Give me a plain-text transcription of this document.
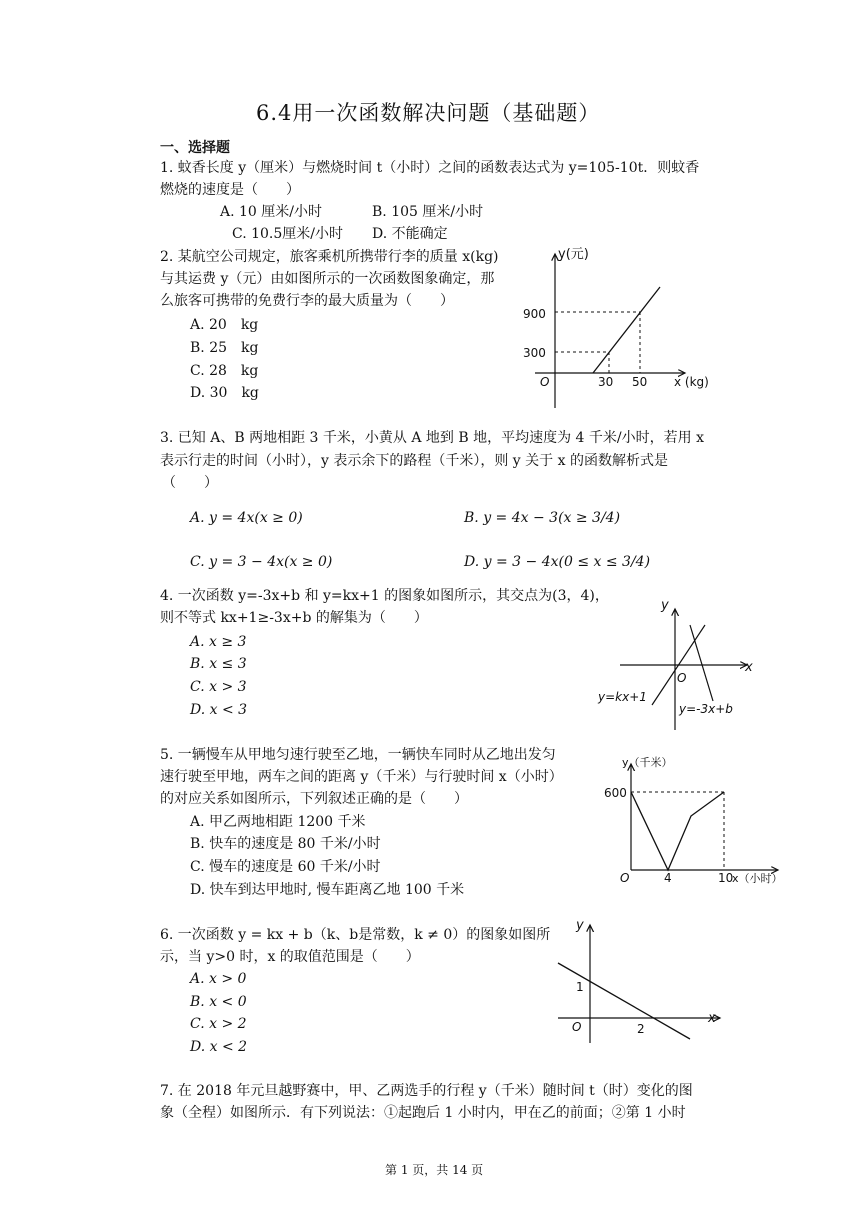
6.4用一次函数解决问题（基础题）
一、选择题
1. 蚊香长度 y（厘米）与燃烧时间 t（小时）之间的函数表达式为 y=105-10t．则蚊香
燃烧的速度是（　　）
A. 10 厘米/小时	B. 105 厘米/小时
C. 10.5厘米/小时 D. 不能确定
2. 某航空公司规定，旅客乘机所携带行李的质量 x(kg)
与其运费 y（元）由如图所示的一次函数图象确定，那
么旅客可携带的免费行李的最大质量为（　　）
A. 20　kg
B. 25　kg
C. 28　kg
D. 30　kg
y(元)
900
300
O	30 50 x (kg)
3. 已知 A、B 两地相距 3 千米，小黄从 A 地到 B 地，平均速度为 4 千米/小时，若用 x
表示行走的时间（小时），y 表示余下的路程（千米），则 y 关于 x 的函数解析式是
（　　）
A. y = 4x(x ≥ 0)	B. y = 4x − 3(x ≥ 3/4)
C. y = 3 − 4x(x ≥ 0)	D. y = 3 − 4x(0 ≤ x ≤ 3/4)
4. 一次函数 y=-3x+b 和 y=kx+1 的图象如图所示，其交点为(3，4)，
则不等式 kx+1≥-3x+b 的解集为（　　）
A. x ≥ 3
B. x ≤ 3
C. x > 3
D. x < 3
y
x
O
y=kx+1
y=-3x+b
5. 一辆慢车从甲地匀速行驶至乙地，一辆快车同时从乙地出发匀
速行驶至甲地，两车之间的距离 y（千米）与行驶时间 x（小时）
的对应关系如图所示，下列叙述正确的是（　　）
A. 甲乙两地相距 1200 千米
B. 快车的速度是 80 千米/小时
C. 慢车的速度是 60 千米/小时
D. 快车到达甲地时, 慢车距离乙地 100 千米
y（千米）
600
O	4	10
x（小时）
6. 一次函数 y = kx + b（k、b是常数，k ≠ 0）的图象如图所
示，当 y>0 时，x 的取值范围是（　　）
A. x > 0
B. x < 0
C. x > 2
D. x < 2
y
x
1
O	2
7. 在 2018 年元旦越野赛中，甲、乙两选手的行程 y（千米）随时间 t（时）变化的图
象（全程）如图所示．有下列说法：①起跑后 1 小时内，甲在乙的前面；②第 1 小时
第 1 页，共 14 页
